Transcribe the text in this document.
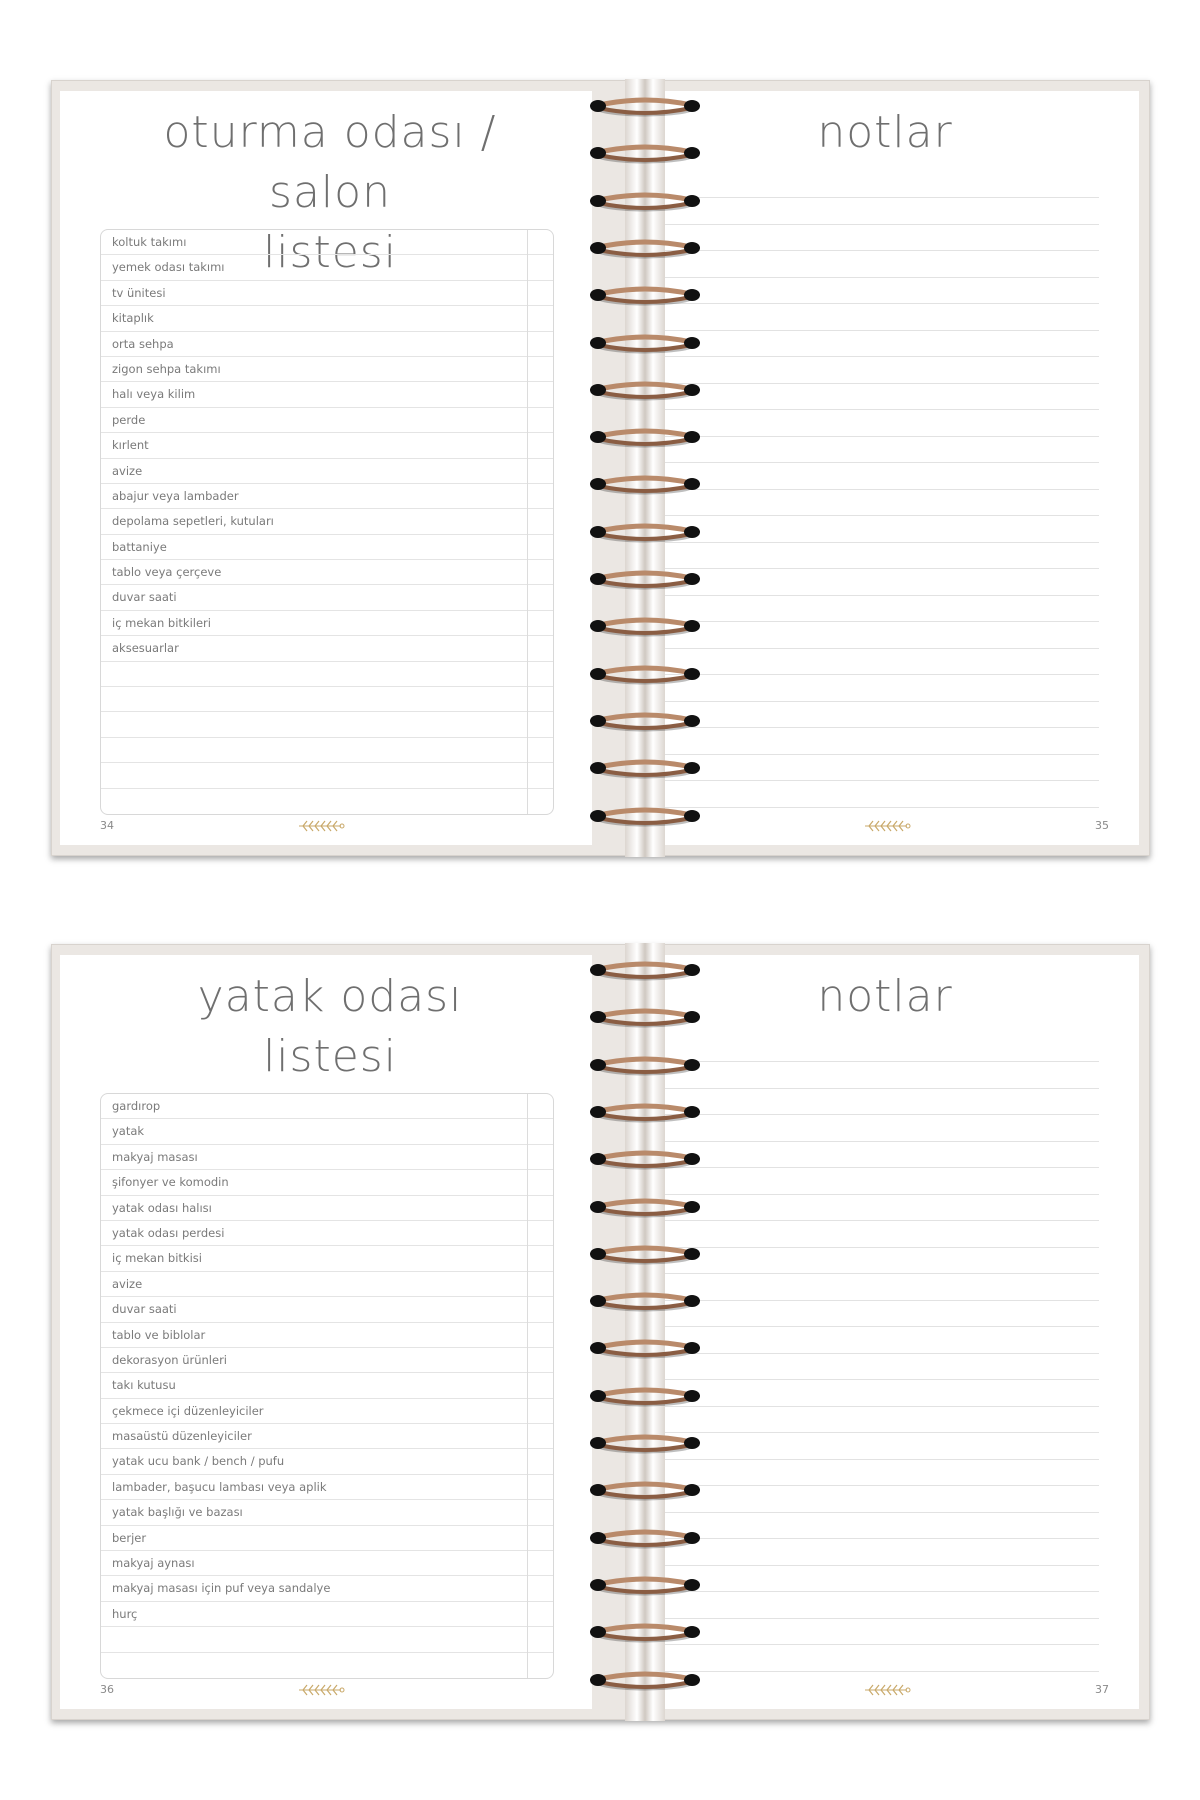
oturma odası / salon
listesi
koltuk takımı
yemek odası takımı
tv ünitesi
kitaplık
orta sehpa
zigon sehpa takımı
halı veya kilim
perde
kırlent
avize
abajur veya lambader
depolama sepetleri, kutuları
battaniye
tablo veya çerçeve
duvar saati
iç mekan bitkileri
aksesuarlar
34
notlar
35
yatak odası
listesi
gardırop
yatak
makyaj masası
şifonyer ve komodin
yatak odası halısı
yatak odası perdesi
iç mekan bitkisi
avize
duvar saati
tablo ve biblolar
dekorasyon ürünleri
takı kutusu
çekmece içi düzenleyiciler
masaüstü düzenleyiciler
yatak ucu bank / bench / pufu
lambader, başucu lambası veya aplik
yatak başlığı ve bazası
berjer
makyaj aynası
makyaj masası için puf veya sandalye
hurç
36
notlar
37
